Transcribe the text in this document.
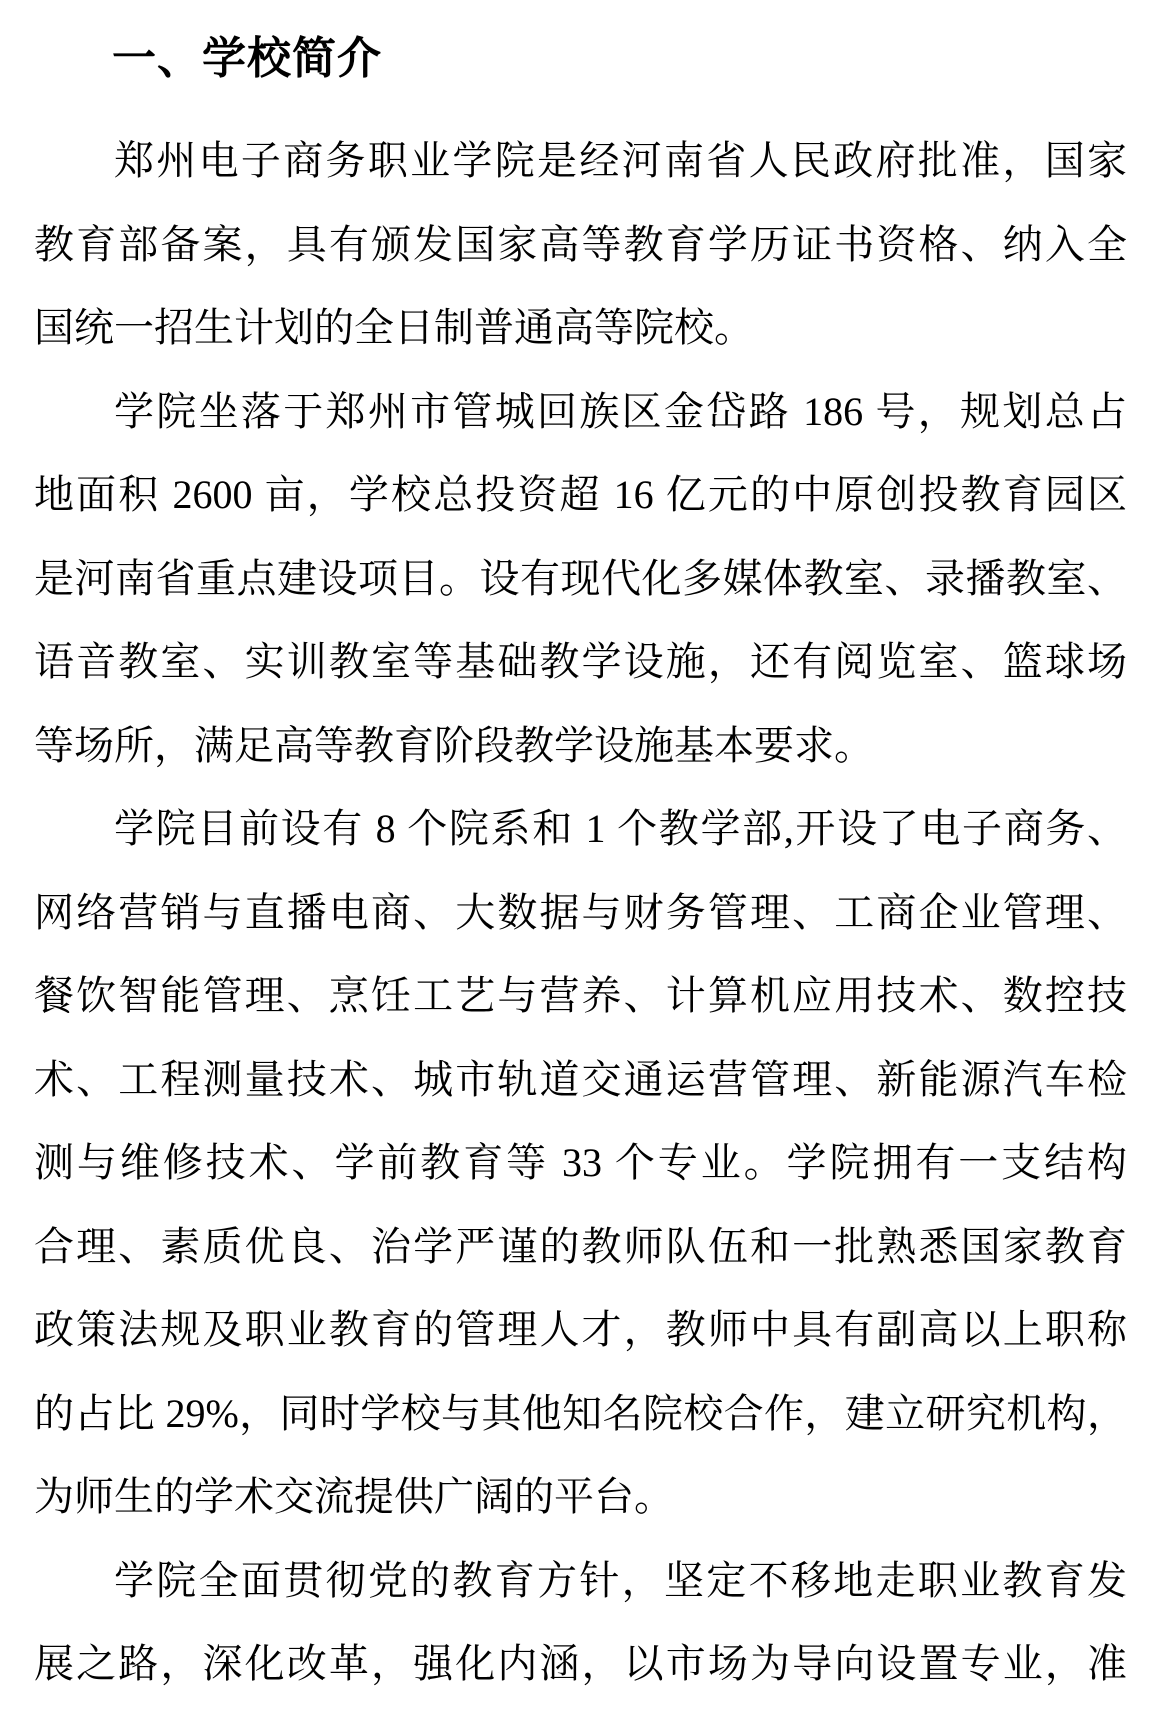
一、学校简介
郑州电子商务职业学院是经河南省人民政府批准，国家
教育部备案，具有颁发国家高等教育学历证书资格、纳入全
国统一招生计划的全日制普通高等院校。
学院坐落于郑州市管城回族区金岱路 186 号，规划总占
地面积 2600 亩，学校总投资超 16 亿元的中原创投教育园区
是河南省重点建设项目。设有现代化多媒体教室、录播教室、
语音教室、实训教室等基础教学设施，还有阅览室、篮球场
等场所，满足高等教育阶段教学设施基本要求。
学院目前设有 8 个院系和 1 个教学部,开设了电子商务、
网络营销与直播电商、大数据与财务管理、工商企业管理、
餐饮智能管理、烹饪工艺与营养、计算机应用技术、数控技
术、工程测量技术、城市轨道交通运营管理、新能源汽车检
测与维修技术、学前教育等 33 个专业。学院拥有一支结构
合理、素质优良、治学严谨的教师队伍和一批熟悉国家教育
政策法规及职业教育的管理人才，教师中具有副高以上职称
的占比 29%，同时学校与其他知名院校合作，建立研究机构，
为师生的学术交流提供广阔的平台。
学院全面贯彻党的教育方针，坚定不移地走职业教育发
展之路，深化改革，强化内涵，以市场为导向设置专业，准
